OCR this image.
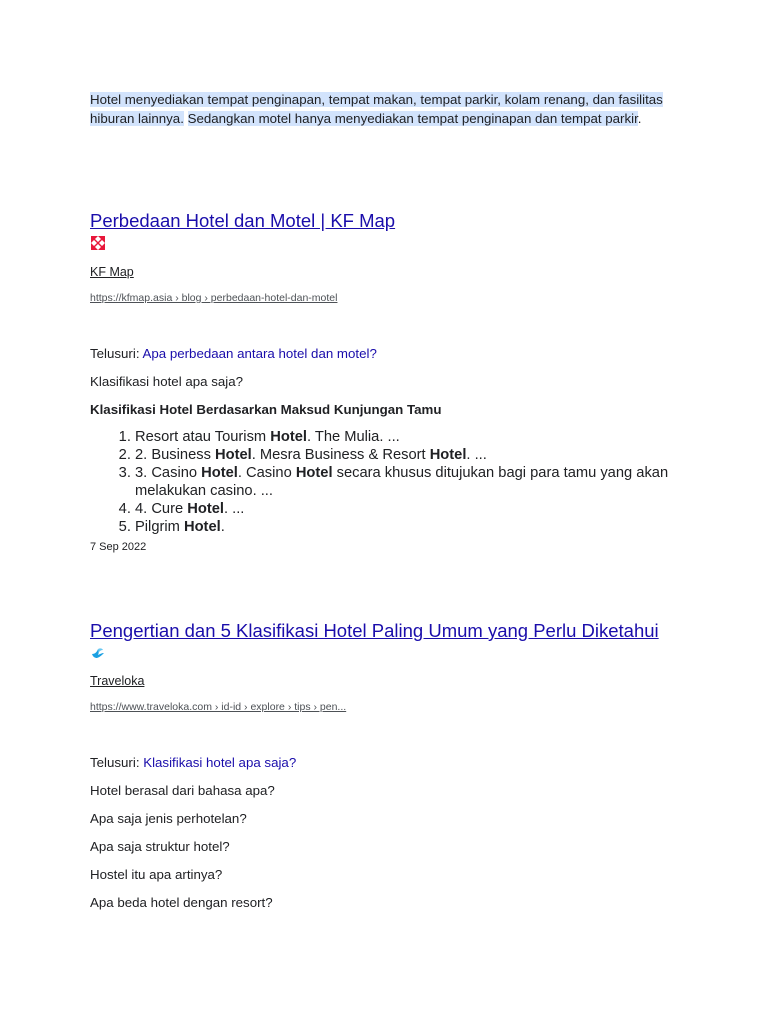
Hotel menyediakan tempat penginapan, tempat makan, tempat parkir, kolam renang, dan fasilitas hiburan lainnya. Sedangkan motel hanya menyediakan tempat penginapan dan tempat parkir.
Perbedaan Hotel dan Motel | KF Map
KF Map
https://kfmap.asia › blog › perbedaan-hotel-dan-motel
Telusuri: Apa perbedaan antara hotel dan motel?
Klasifikasi hotel apa saja?
Klasifikasi Hotel Berdasarkan Maksud Kunjungan Tamu
1. Resort atau Tourism Hotel. The Mulia. ...
2. 2. Business Hotel. Mesra Business & Resort Hotel. ...
3. 3. Casino Hotel. Casino Hotel secara khusus ditujukan bagi para tamu yang akan melakukan casino. ...
4. 4. Cure Hotel. ...
5. Pilgrim Hotel.
7 Sep 2022
Pengertian dan 5 Klasifikasi Hotel Paling Umum yang Perlu Diketahui
Traveloka
https://www.traveloka.com › id-id › explore › tips › pen...
Telusuri: Klasifikasi hotel apa saja?
Hotel berasal dari bahasa apa?
Apa saja jenis perhotelan?
Apa saja struktur hotel?
Hostel itu apa artinya?
Apa beda hotel dengan resort?
